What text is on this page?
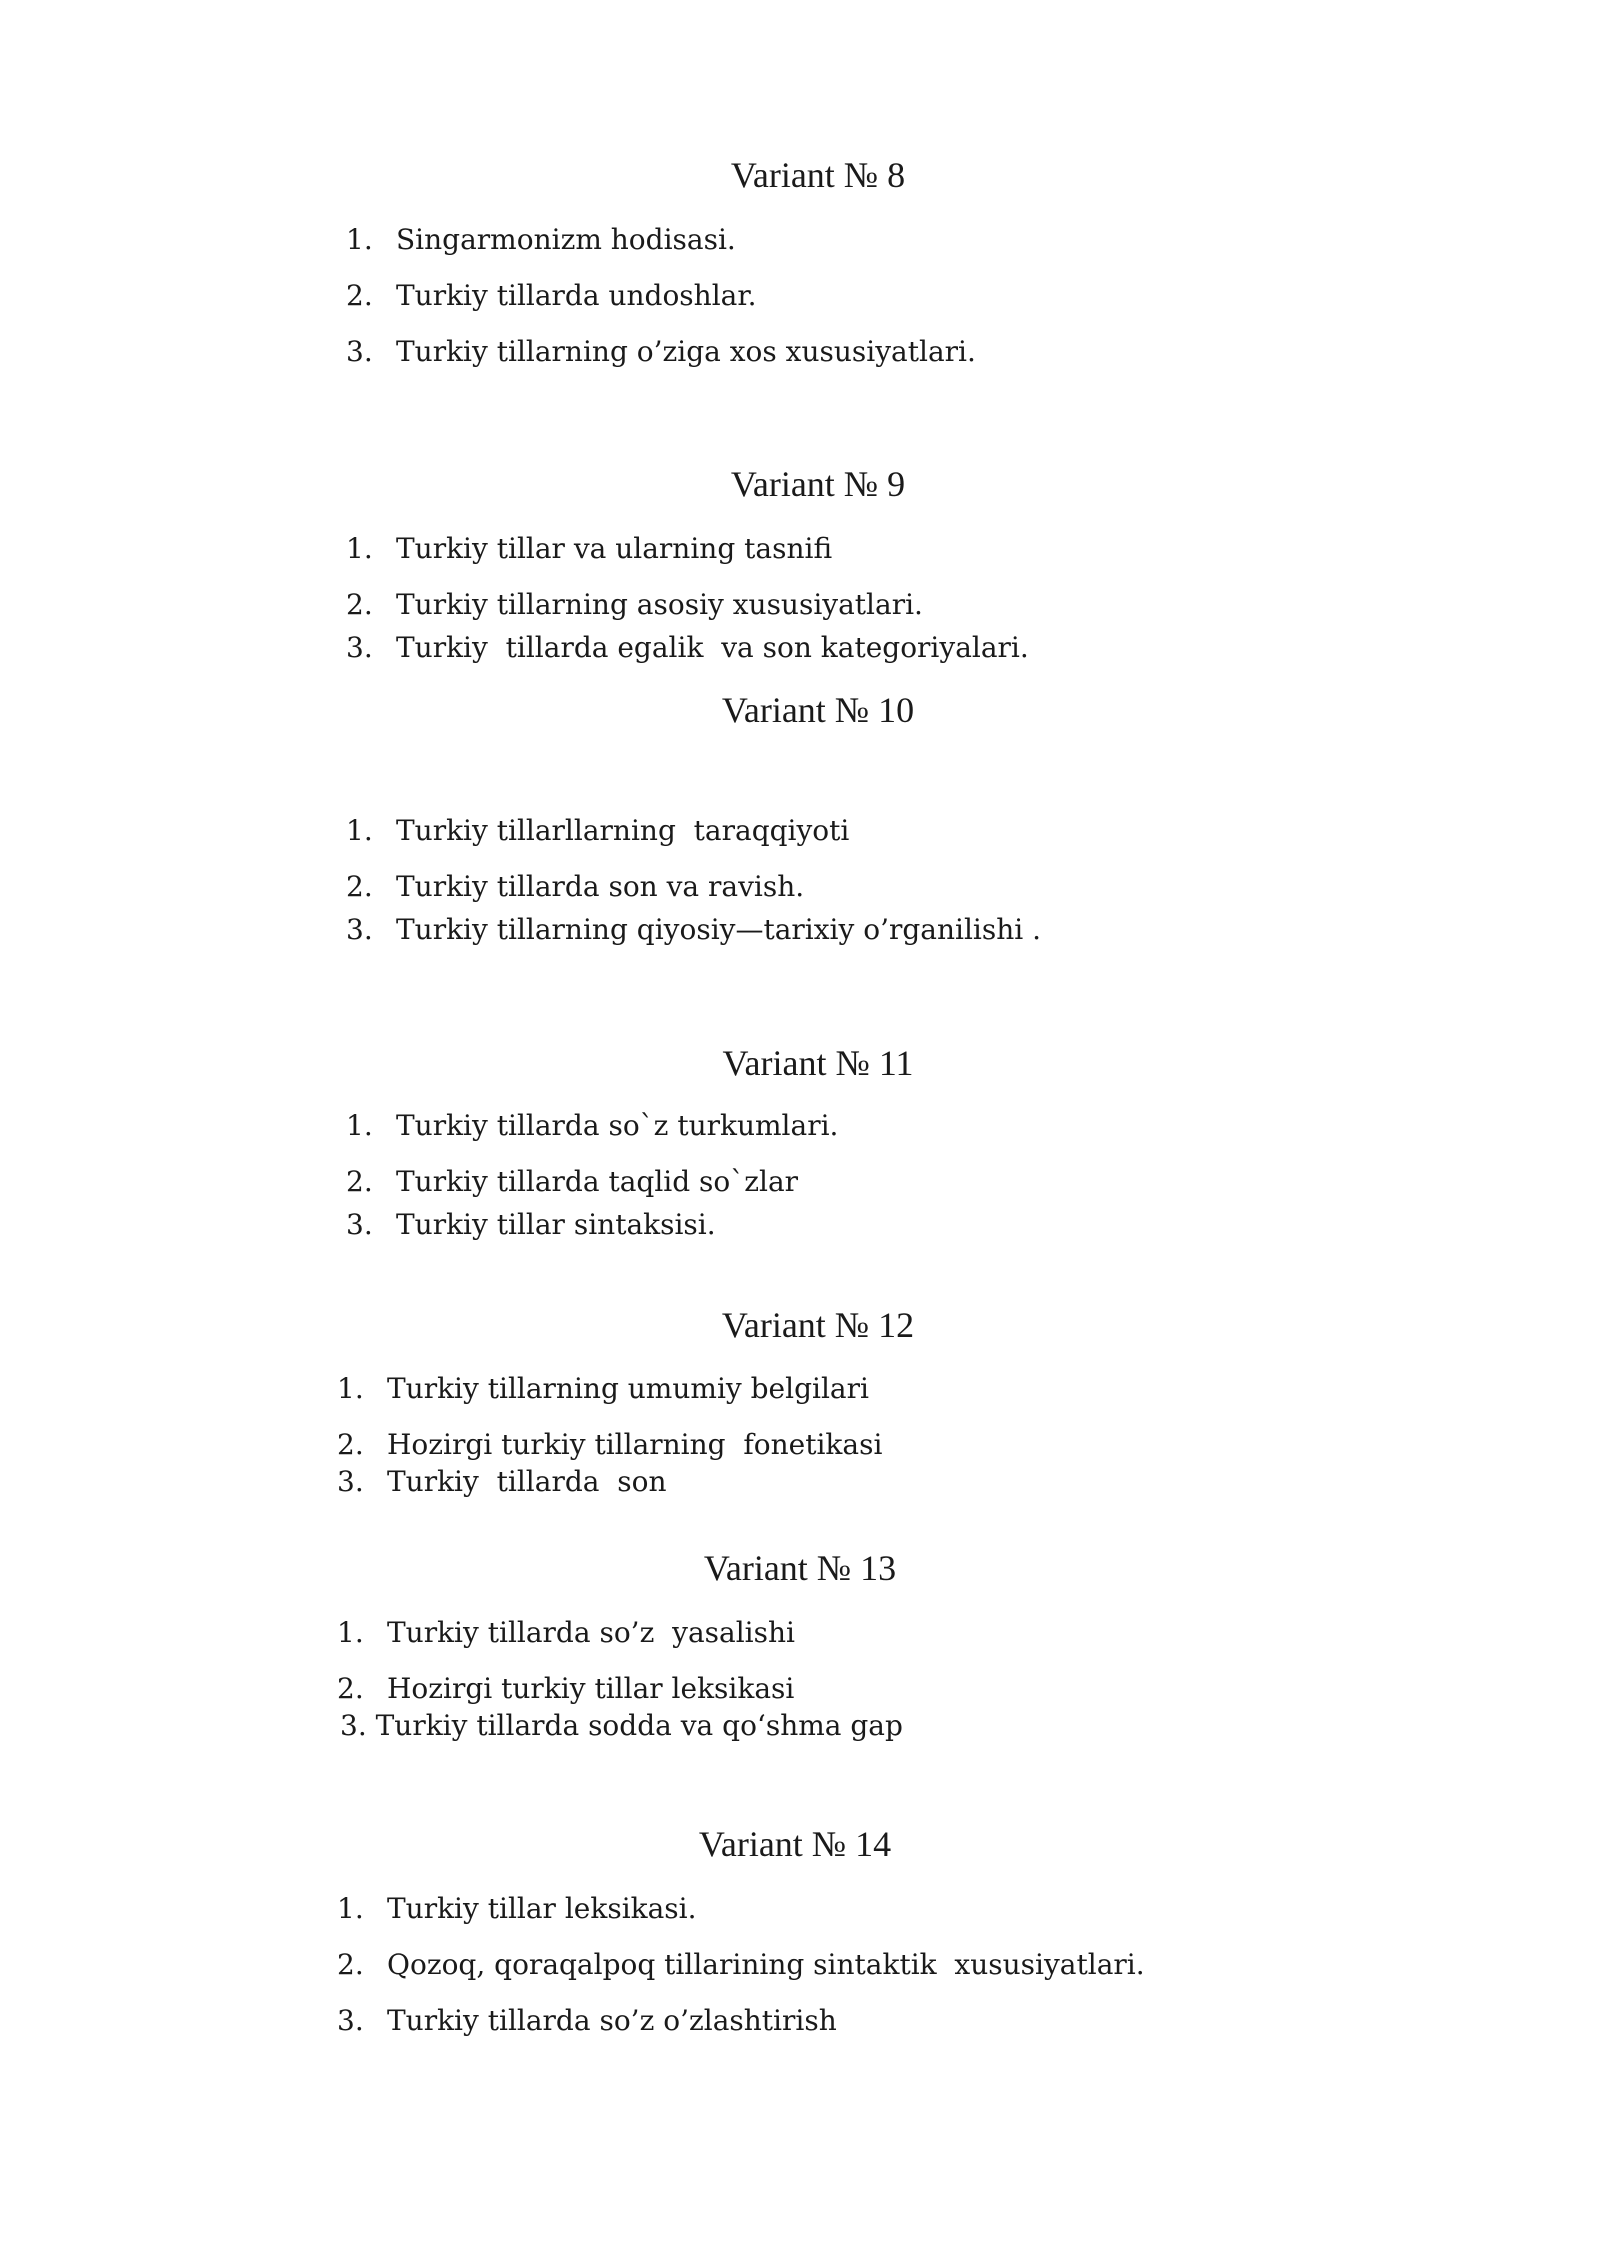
Variant № 8
1. Singarmonizm hodisasi.
2. Turkiy tillarda undoshlar.
3. Turkiy tillarning o’ziga xos xususiyatlari.
Variant № 9
1. Turkiy tillar va ularning tasnifi
2. Turkiy tillarning asosiy xususiyatlari.
3. Turkiy  tillarda egalik  va son kategoriyalari.
Variant № 10
1. Turkiy tillarllarning  taraqqiyoti
2. Turkiy tillarda son va ravish.
3. Turkiy tillarning qiyosiy—tarixiy o’rganilishi .
Variant № 11
1. Turkiy tillarda so`z turkumlari.
2. Turkiy tillarda taqlid so`zlar
3. Turkiy tillar sintaksisi.
Variant № 12
1. Turkiy tillarning umumiy belgilari
2. Hozirgi turkiy tillarning  fonetikasi
3. Turkiy  tillarda  son
Variant № 13
1. Turkiy tillarda so’z  yasalishi
2. Hozirgi turkiy tillar leksikasi
3. Turkiy tillarda sodda va qo‘shma gap
Variant № 14
1. Turkiy tillar leksikasi.
2. Qozoq, qoraqalpoq tillarining sintaktik  xususiyatlari.
3. Turkiy tillarda so’z o’zlashtirish
